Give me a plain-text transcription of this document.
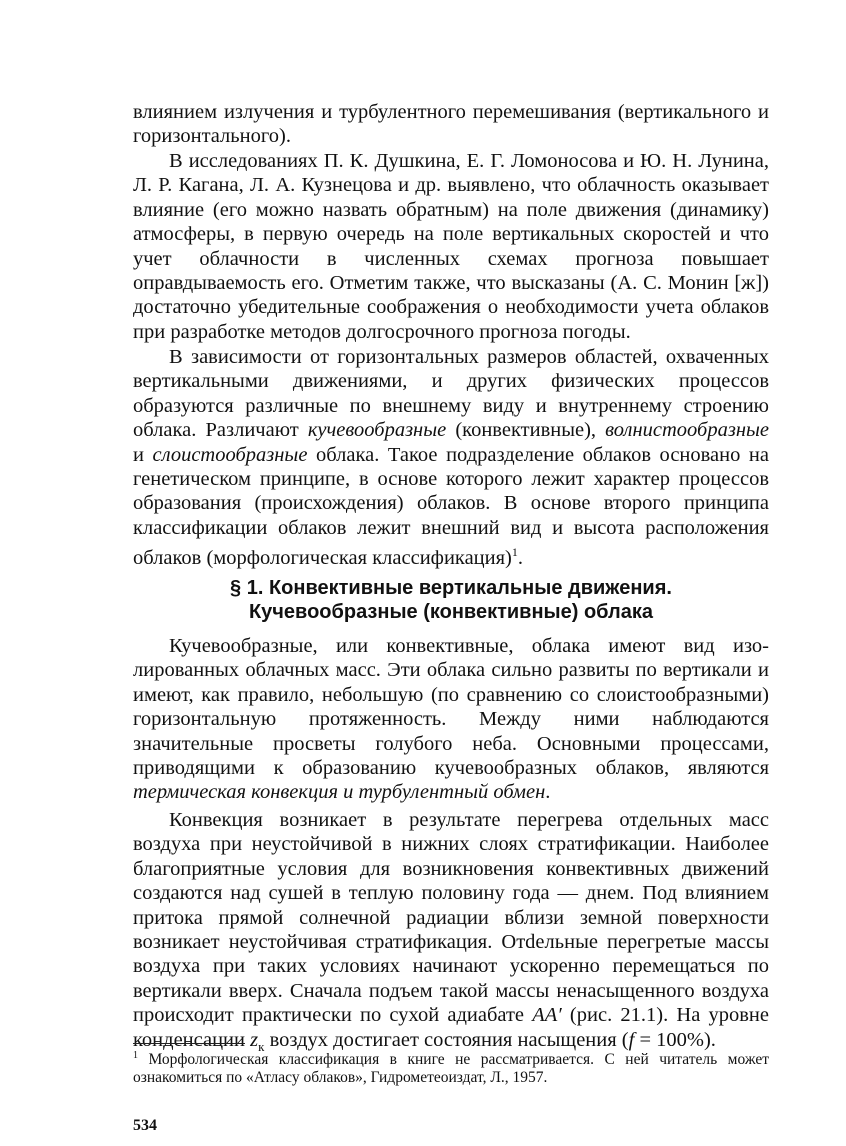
влиянием излучения и турбулентного перемешивания (вертикального и горизонтального).

В исследованиях П. К. Душкина, Е. Г. Ломоносова и Ю. Н. Лунина, Л. Р. Кагана, Л. А. Кузнецова и др. выявлено, что облачность оказывает влияние (его можно назвать обратным) на поле движения (динамику) атмосферы, в первую очередь на поле вертикальных скоростей и что учет облачности в численных схемах прогноза повышает оправдываемость его. Отметим также, что высказаны (А. С. Монин [ж]) достаточно убедительные соображения о необходимости учета облаков при разработке методов долгосрочного прогноза погоды.

В зависимости от горизонтальных размеров областей, охваченных вертикальными движениями, и других физических процессов образуются различные по внешнему виду и внутреннему строению облака. Различают кучевообразные (конвективные), волнистообразные и слоистообразные облака. Такое подразделение облаков основано на генетическом принципе, в основе которого лежит характер процессов образования (происхождения) облаков. В основе второго принципа классификации облаков лежит внешний вид и высота расположения облаков (морфологическая классификация)$^1$.

§ 1. Конвективные вертикальные движения.
Кучевообразные (конвективные) облака

Кучевообразные, или конвективные, облака имеют вид изолированных облачных масс. Эти облака сильно развиты по вертикали и имеют, как правило, небольшую (по сравнению со слоистообразными) горизонтальную протяженность. Между ними наблюдаются значительные просветы голубого неба. Основными процессами, приводящими к образованию кучевообразных облаков, являются термическая конвекция и турбулентный обмен.

Конвекция возникает в результате перегрева отдельных масс воздуха при неустойчивой в нижних слоях стратификации. Наиболее благоприятные условия для возникновения конвективных движений создаются над сушей в теплую половину года — днем. Под влиянием притока прямой солнечной радиации вблизи земной поверхности возникает неустойчивая стратификация. Отdельные перегретые массы воздуха при таких условиях начинают ускоренно перемещаться по вертикали вверх. Сначала подъем такой массы ненасыщенного воздуха происходит практически по сухой адиабате AA′ (рис. 21.1). На уровне конденсации $z_к$ воздух достигает состояния насыщения (f = 100%).

$^1$ Морфологическая классификация в книге не рассматривается. С ней читатель может ознакомиться по «Атласу облаков», Гидрометеоиздат, Л., 1957.

534
